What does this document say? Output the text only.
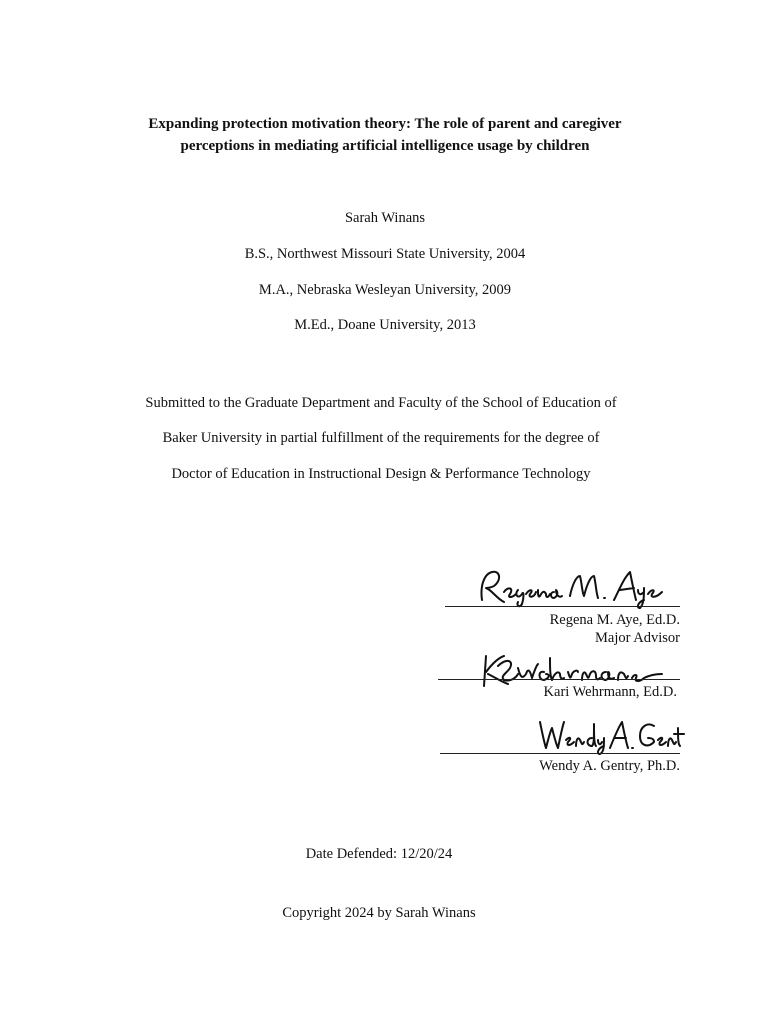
Expanding protection motivation theory: The role of parent and caregiver
perceptions in mediating artificial intelligence usage by children
Sarah Winans
B.S., Northwest Missouri State University, 2004
M.A., Nebraska Wesleyan University, 2009
M.Ed., Doane University, 2013
Submitted to the Graduate Department and Faculty of the School of Education of
Baker University in partial fulfillment of the requirements for the degree of
Doctor of Education in Instructional Design & Performance Technology
Regena M. Aye, Ed.D.
Major Advisor
Kari Wehrmann, Ed.D.
Wendy A. Gentry, Ph.D.
Date Defended: 12/20/24
Copyright 2024 by Sarah Winans
